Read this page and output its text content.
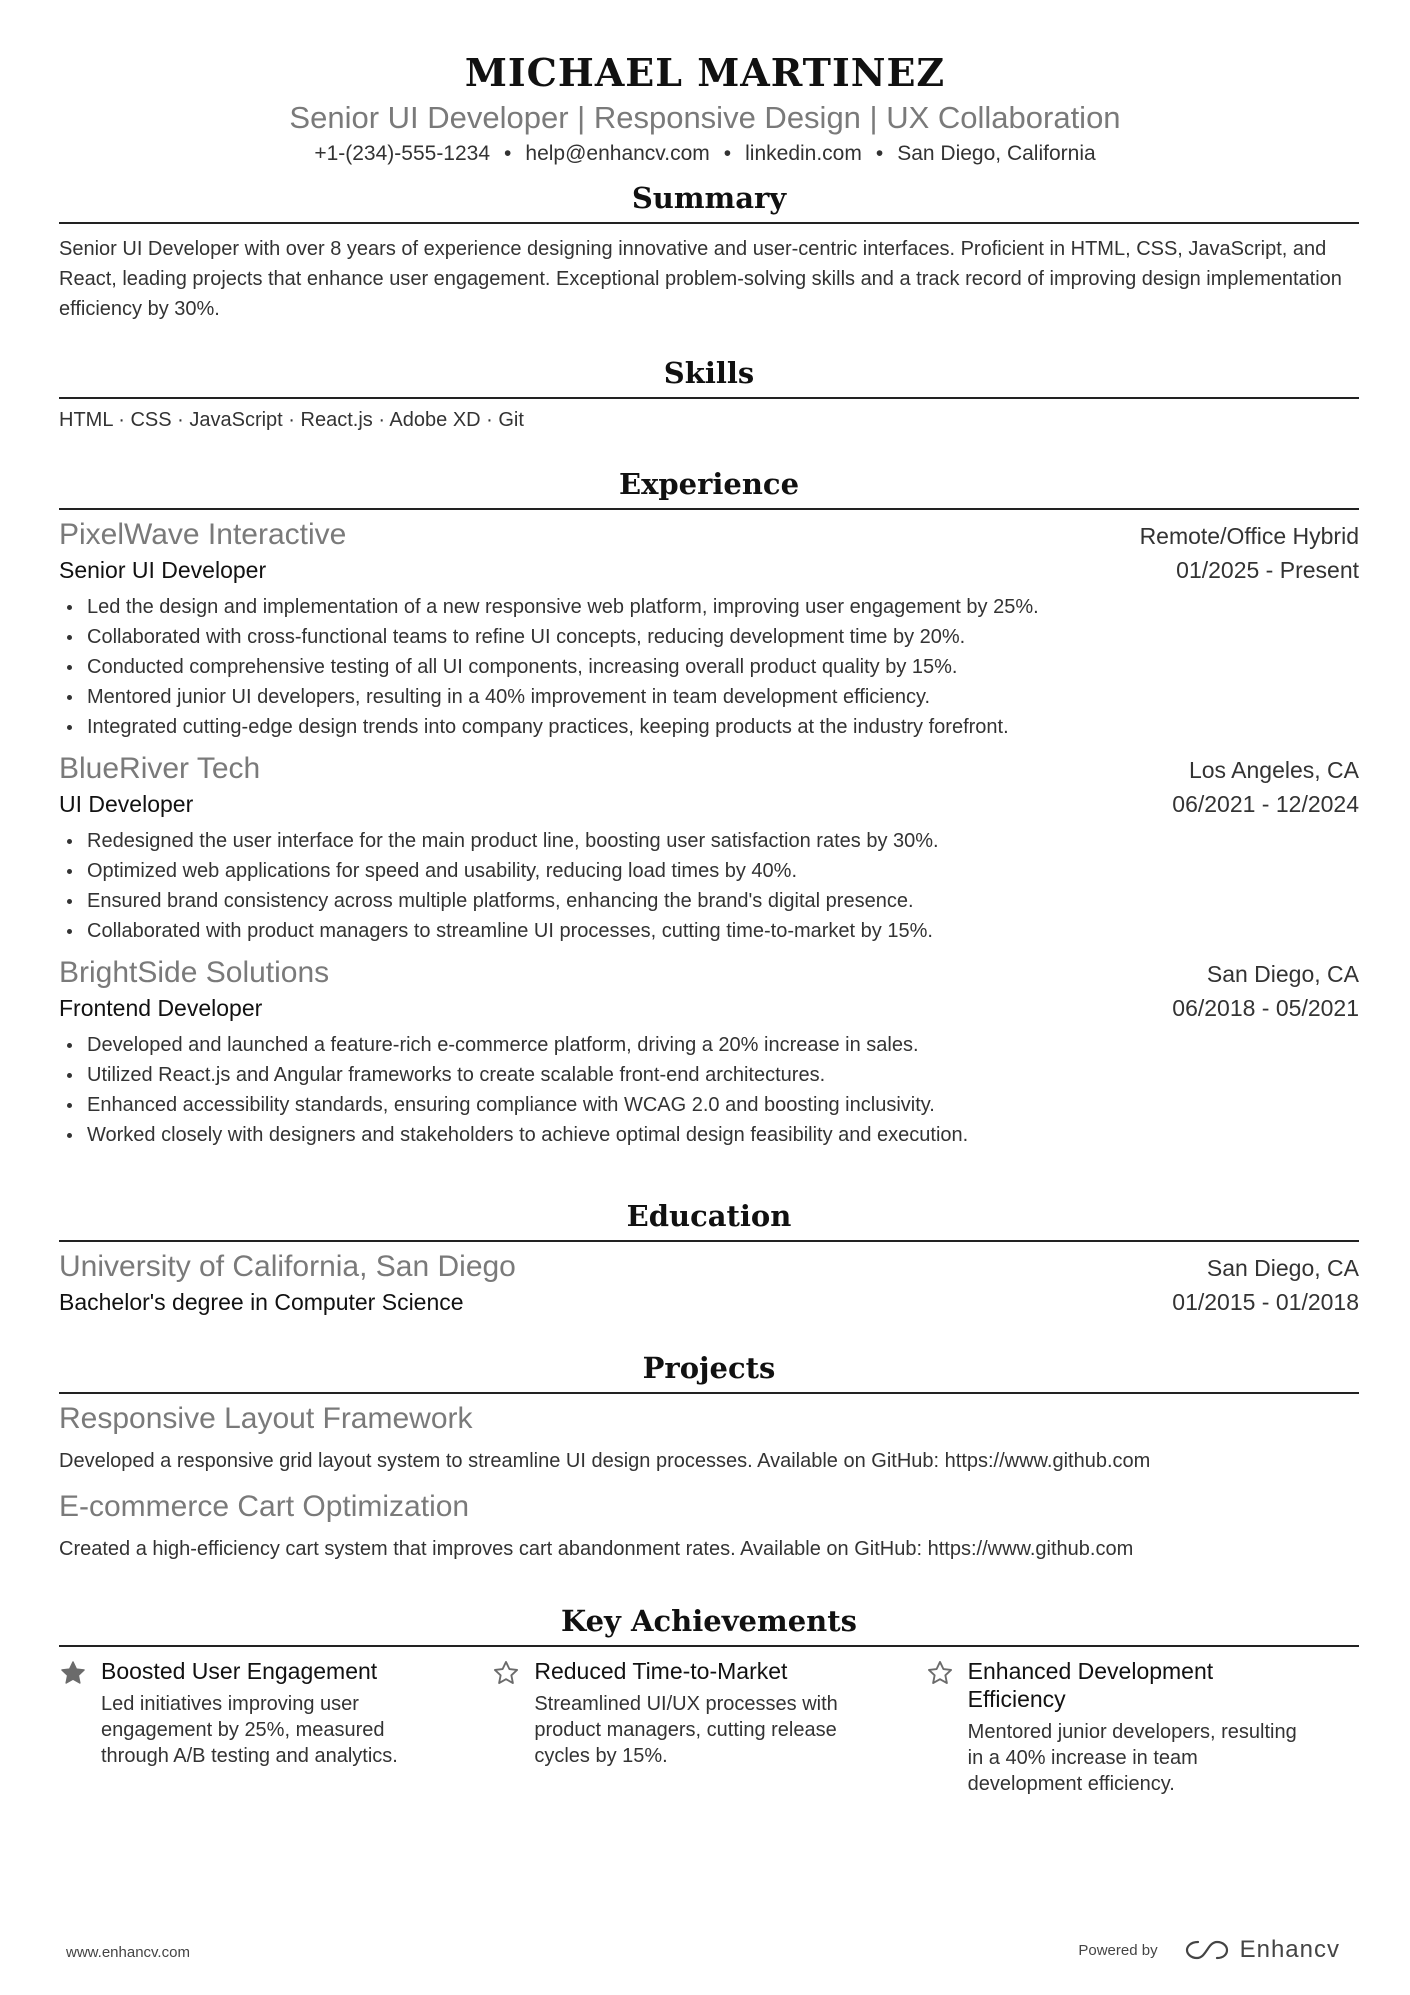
MICHAEL MARTINEZ
Senior UI Developer | Responsive Design | UX Collaboration
+1-(234)-555-1234 • help@enhancv.com • linkedin.com • San Diego, California
Summary
Senior UI Developer with over 8 years of experience designing innovative and user-centric interfaces. Proficient in HTML, CSS, JavaScript, and React, leading projects that enhance user engagement. Exceptional problem-solving skills and a track record of improving design implementation efficiency by 30%.
Skills
HTML · CSS · JavaScript · React.js · Adobe XD · Git
Experience
PixelWave Interactive	Remote/Office Hybrid
Senior UI Developer	01/2025 - Present
Led the design and implementation of a new responsive web platform, improving user engagement by 25%.
Collaborated with cross-functional teams to refine UI concepts, reducing development time by 20%.
Conducted comprehensive testing of all UI components, increasing overall product quality by 15%.
Mentored junior UI developers, resulting in a 40% improvement in team development efficiency.
Integrated cutting-edge design trends into company practices, keeping products at the industry forefront.
BlueRiver Tech	Los Angeles, CA
UI Developer	06/2021 - 12/2024
Redesigned the user interface for the main product line, boosting user satisfaction rates by 30%.
Optimized web applications for speed and usability, reducing load times by 40%.
Ensured brand consistency across multiple platforms, enhancing the brand's digital presence.
Collaborated with product managers to streamline UI processes, cutting time-to-market by 15%.
BrightSide Solutions	San Diego, CA
Frontend Developer	06/2018 - 05/2021
Developed and launched a feature-rich e-commerce platform, driving a 20% increase in sales.
Utilized React.js and Angular frameworks to create scalable front-end architectures.
Enhanced accessibility standards, ensuring compliance with WCAG 2.0 and boosting inclusivity.
Worked closely with designers and stakeholders to achieve optimal design feasibility and execution.
Education
University of California, San Diego	San Diego, CA
Bachelor's degree in Computer Science	01/2015 - 01/2018
Projects
Responsive Layout Framework
Developed a responsive grid layout system to streamline UI design processes. Available on GitHub: https://www.github.com
E-commerce Cart Optimization
Created a high-efficiency cart system that improves cart abandonment rates. Available on GitHub: https://www.github.com
Key Achievements
Boosted User Engagement
Led initiatives improving user engagement by 25%, measured through A/B testing and analytics.
Reduced Time-to-Market
Streamlined UI/UX processes with product managers, cutting release cycles by 15%.
Enhanced Development Efficiency
Mentored junior developers, resulting in a 40% increase in team development efficiency.
www.enhancv.com	Powered by	Enhancv
